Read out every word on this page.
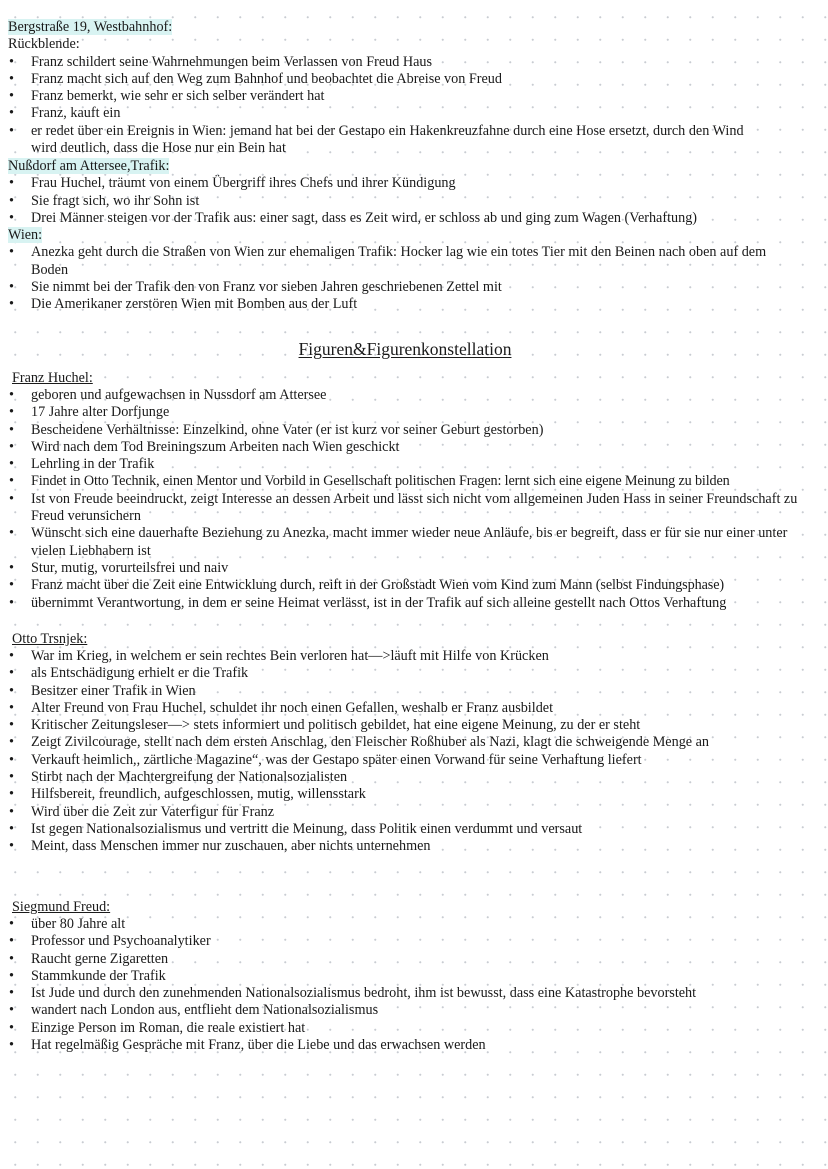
Bergstraße 19, Westbahnhof:
Rückblende:
• Franz schildert seine Wahrnehmungen beim Verlassen von Freud Haus
• Franz macht sich auf den Weg zum Bahnhof und beobachtet die Abreise von Freud
• Franz bemerkt, wie sehr er sich selber verändert hat
• Franz, kauft ein
• er redet über ein Ereignis in Wien: jemand hat bei der Gestapo ein Hakenkreuzfahne durch eine Hose ersetzt, durch den Wind wird deutlich, dass die Hose nur ein Bein hat
Nußdorf am Attersee,Trafik:
• Frau Huchel, träumt von einem Übergriff ihres Chefs und ihrer Kündigung
• Sie fragt sich, wo ihr Sohn ist
• Drei Männer steigen vor der Trafik aus: einer sagt, dass es Zeit wird, er schloss ab und ging zum Wagen (Verhaftung)
Wien:
• Anezka geht durch die Straßen von Wien zur ehemaligen Trafik: Hocker lag wie ein totes Tier mit den Beinen nach oben auf dem Boden
• Sie nimmt bei der Trafik den von Franz vor sieben Jahren geschriebenen Zettel mit
• Die Amerikaner zerstören Wien mit Bomben aus der Luft
Figuren&Figurenkonstellation
Franz Huchel:
• geboren und aufgewachsen in Nussdorf am Attersee
• 17 Jahre alter Dorfjunge
• Bescheidene Verhältnisse: Einzelkind, ohne Vater (er ist kurz vor seiner Geburt gestorben)
• Wird nach dem Tod Breiningszum Arbeiten nach Wien geschickt
• Lehrling in der Trafik
• Findet in Otto Technik, einen Mentor und Vorbild in Gesellschaft politischen Fragen: lernt sich eine eigene Meinung zu bilden
• Ist von Freude beeindruckt, zeigt Interesse an dessen Arbeit und lässt sich nicht vom allgemeinen Juden Hass in seiner Freundschaft zu Freud verunsichern
• Wünscht sich eine dauerhafte Beziehung zu Anezka, macht immer wieder neue Anläufe, bis er begreift, dass er für sie nur einer unter vielen Liebhabern ist
• Stur, mutig, vorurteilsfrei und naiv
• Franz macht über die Zeit eine Entwicklung durch, reift in der Großstadt Wien vom Kind zum Mann (selbst Findungsphase)
• übernimmt Verantwortung, in dem er seine Heimat verlässt, ist in der Trafik auf sich alleine gestellt nach Ottos Verhaftung
Otto Trsnjek:
• War im Krieg, in welchem er sein rechtes Bein verloren hat—>läuft mit Hilfe von Krücken
• als Entschädigung erhielt er die Trafik
• Besitzer einer Trafik in Wien
• Alter Freund von Frau Huchel, schuldet ihr noch einen Gefallen, weshalb er Franz ausbildet
• Kritischer Zeitungsleser—> stets informiert und politisch gebildet, hat eine eigene Meinung, zu der er steht
• Zeigt Zivilcourage, stellt nach dem ersten Anschlag, den Fleischer Roßhuber als Nazi, klagt die schweigende Menge an
• Verkauft heimlich,, zärtliche Magazine“, was der Gestapo später einen Vorwand für seine Verhaftung liefert
• Stirbt nach der Machtergreifung der Nationalsozialisten
• Hilfsbereit, freundlich, aufgeschlossen, mutig, willensstark
• Wird über die Zeit zur Vaterfigur für Franz
• Ist gegen Nationalsozialismus und vertritt die Meinung, dass Politik einen verdummt und versaut
• Meint, dass Menschen immer nur zuschauen, aber nichts unternehmen
Siegmund Freud:
• über 80 Jahre alt
• Professor und Psychoanalytiker
• Raucht gerne Zigaretten
• Stammkunde der Trafik
• Ist Jude und durch den zunehmenden Nationalsozialismus bedroht, ihm ist bewusst, dass eine Katastrophe bevorsteht
• wandert nach London aus, entflieht dem Nationalsozialismus
• Einzige Person im Roman, die reale existiert hat
• Hat regelmäßig Gespräche mit Franz, über die Liebe und das erwachsen werden
